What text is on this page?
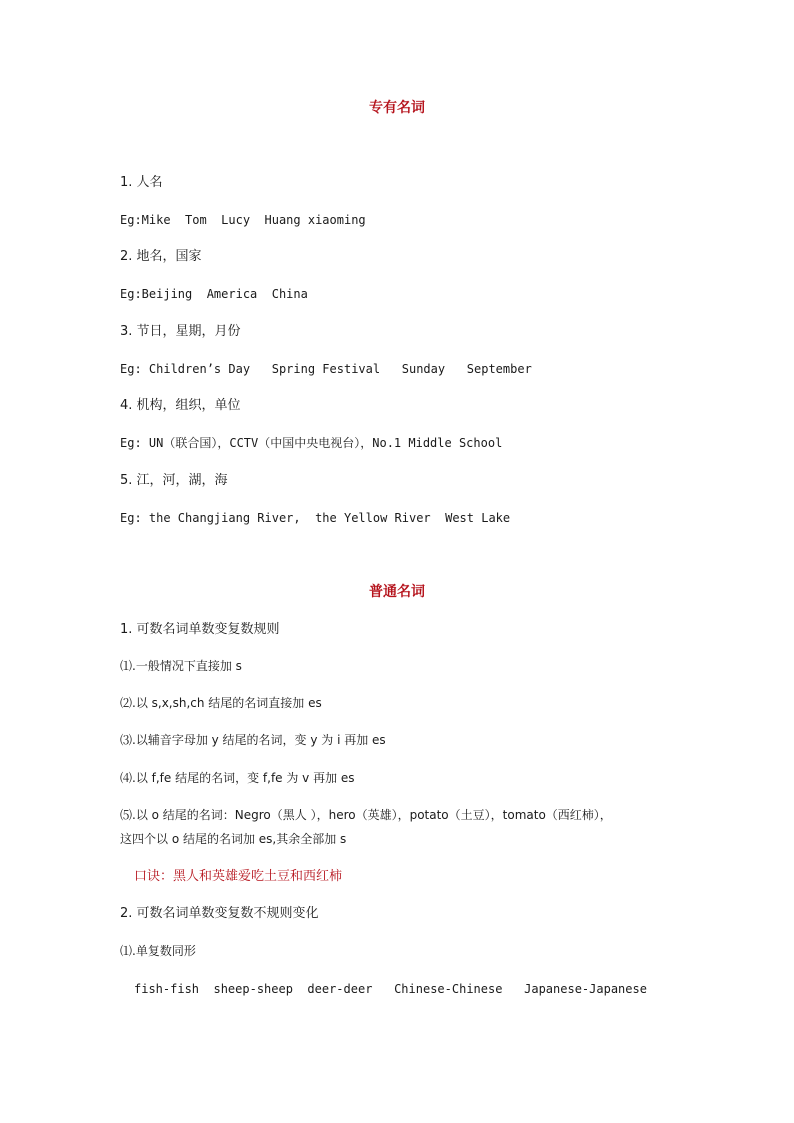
专有名词
1. 人名
Eg:Mike  Tom  Lucy  Huang xiaoming
2. 地名，国家
Eg:Beijing  America  China
3. 节日，星期，月份
Eg: Children’s Day   Spring Festival   Sunday   September
4. 机构，组织，单位
Eg: UN（联合国），CCTV（中国中央电视台），No.1 Middle School
5. 江，河，湖，海
Eg: the Changjiang River,  the Yellow River  West Lake
普通名词
1. 可数名词单数变复数规则
⑴.一般情况下直接加 s
⑵.以 s,x,sh,ch 结尾的名词直接加 es
⑶.以辅音字母加 y 结尾的名词，变 y 为 i 再加 es
⑷.以 f,fe 结尾的名词，变 f,fe 为 v 再加 es
⑸.以 o 结尾的名词：Negro（黑人 ），hero（英雄），potato（土豆），tomato（西红柿），
这四个以 o 结尾的名词加 es,其余全部加 s
口诀：黑人和英雄爱吃土豆和西红柿
2. 可数名词单数变复数不规则变化
⑴.单复数同形
fish-fish  sheep-sheep  deer-deer   Chinese-Chinese   Japanese-Japanese
